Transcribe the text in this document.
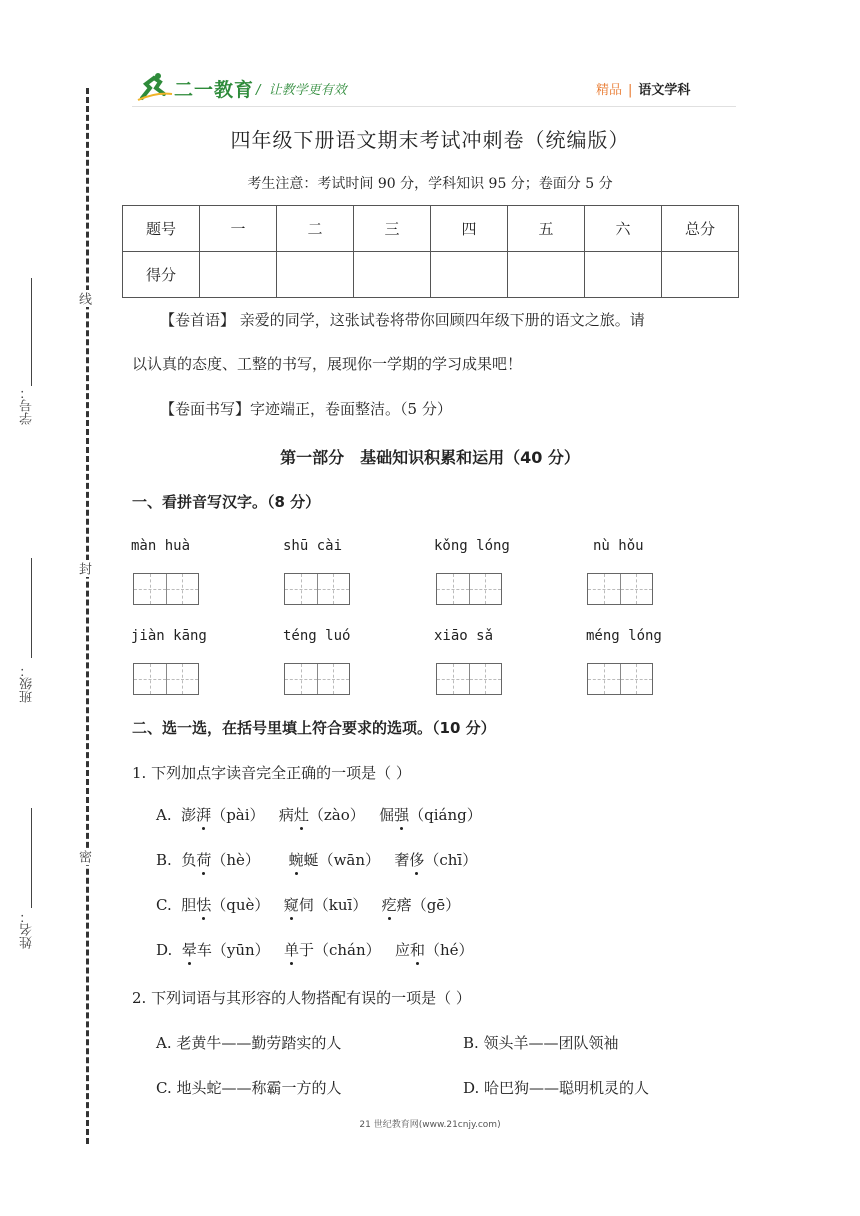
二一教育 /  让教学更有效	精品 | 语文学科
四年级下册语文期末考试冲刺卷（统编版）
考生注意：考试时间 90 分，学科知识 95 分；卷面分 5 分
题号	一	二	三	四	五	六	总分
得分							
【卷首语】 亲爱的同学，这张试卷将带你回顾四年级下册的语文之旅。请
以认真的态度、工整的书写，展现你一学期的学习成果吧！
【卷面书写】字迹端正，卷面整洁。（5 分）
第一部分　基础知识积累和运用（40 分）
一、看拼音写汉字。（8 分）
màn huà	shū cài	kǒng lóng	nù hǒu
jiàn kāng	téng luó	xiāo sǎ	méng lóng
二、选一选，在括号里填上符合要求的选项。（10 分）
1. 下列加点字读音完全正确的一项是（ ）
A. 澎湃（pài） 病灶（zào） 倔强（qiáng）
B. 负荷（hè） 蜿蜒（wān） 奢侈（chī）
C. 胆怯（què） 窥伺（kuī） 疙瘩（gē）
D. 晕车（yūn） 单于（chán） 应和（hé）
2. 下列词语与其形容的人物搭配有误的一项是（ ）
A. 老黄牛——勤劳踏实的人	B. 领头羊——团队领袖
C. 地头蛇——称霸一方的人	D. 哈巴狗——聪明机灵的人
线
封
密
学号：
班级：
姓名：
21 世纪教育网(www.21cnjy.com)
